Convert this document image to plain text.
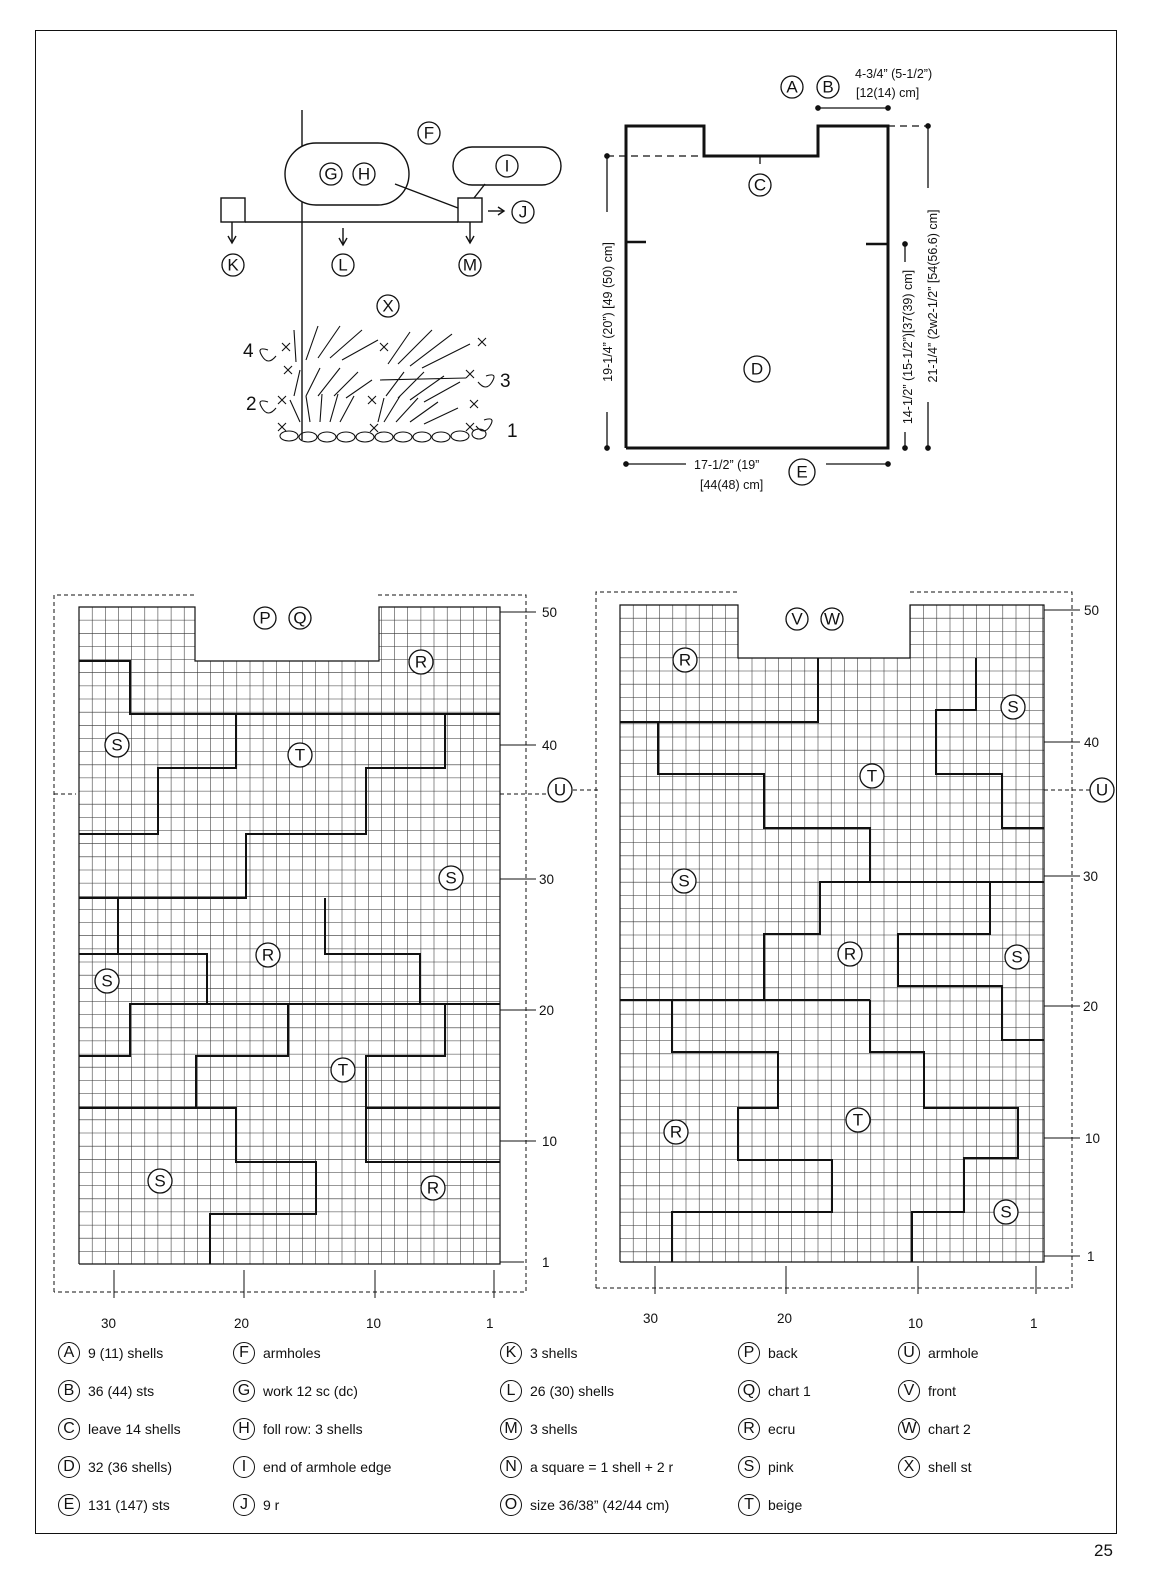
F
G H	I
J
K	L	M
X
4
2
3
1
A B
C
D
E
4-3/4” (5-1/2”)
[12(14) cm]
19-1/4” (20”) [49 (50) cm]	14-1/2” (15-1/2”)[37(39) cm] 21-1/4” (2w2-1/2” [54(56.6) cm]
17-1/2” (19”
[44(48) cm]
R
S
T
S
S
R
T
S	R
P Q
1
10
20
30
40
50
30	20	10	1
U
R
S
T
S
R	S
T
R
S
V W
1
10
20
30
40
50
30	20	10	1
U
A 9 (11) shells
B 36 (44) sts
C leave 14 shells
D 32 (36 shells)
E 131 (147) sts
F	armholes
G work 12 sc (dc)
H foll row: 3 shells
I	end of armhole edge
J	9 r
K 3 shells
L	26 (30) shells
M 3 shells
N a square = 1 shell + 2 r
O size 36/38” (42/44 cm)
P back
Q chart 1
R ecru
S pink
T	beige
U armhole
V front
W chart 2
X shell st
25
